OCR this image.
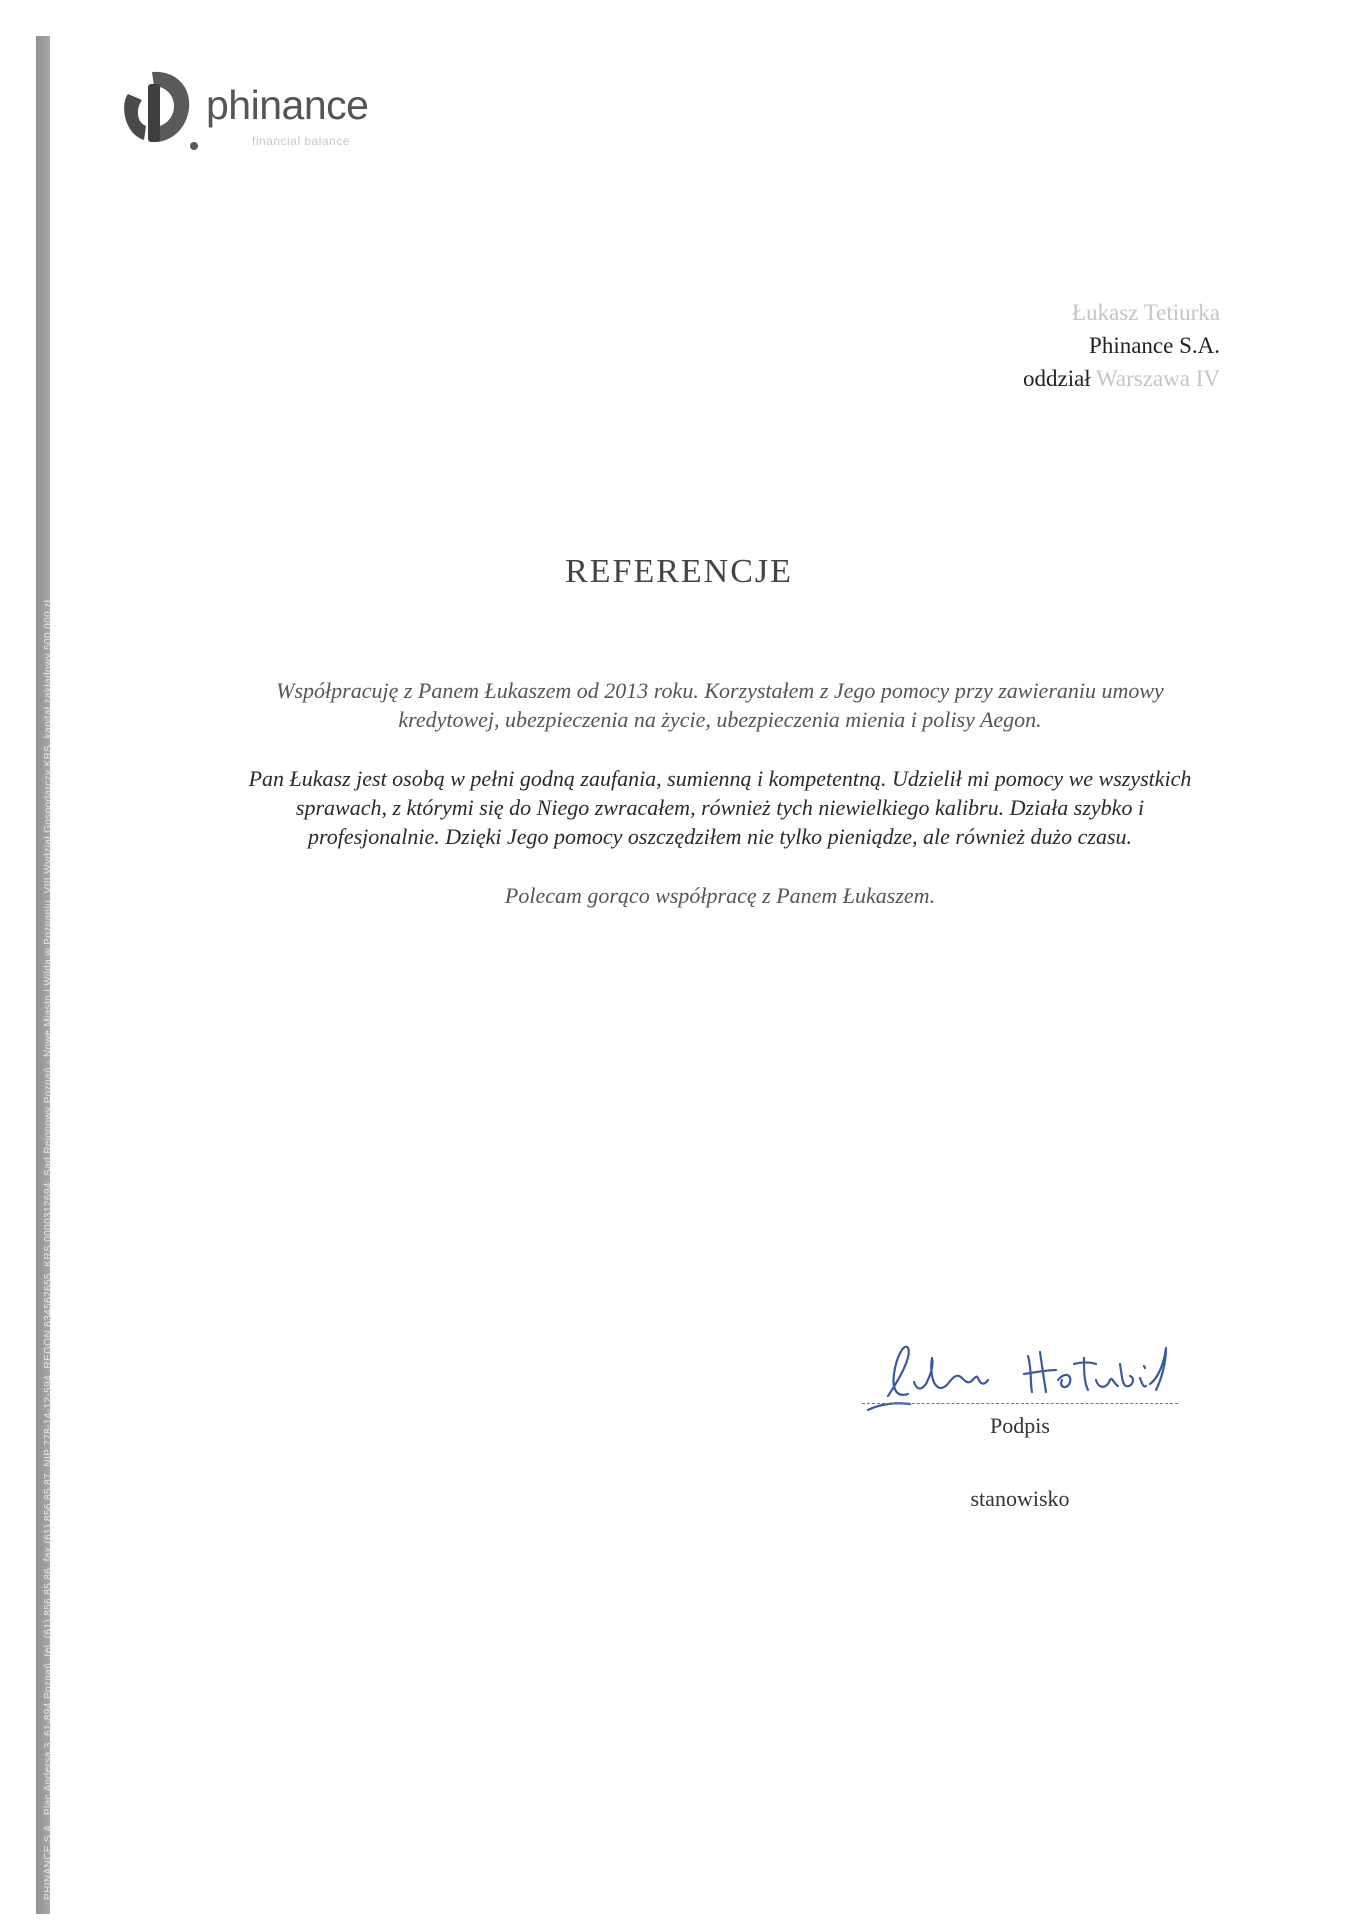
PHINANCE S.A., Plac Andersa 3, 61-894 Poznań, tel. (61) 856 85 86, fax (61) 856 85 87, NIP 778-14-12-594, REGON 634562655, KRS 0000312694, Sąd Rejonowy Poznań - Nowe Miasto i Wilda w Poznaniu, VIII Wydział Gospodarczy KRS, kapitał zakładowy 500 000 zł
phinance
financial balance
Łukasz Tetiurka
Phinance S.A.
oddział Warszawa IV
REFERENCJE

Współpracuję z Panem Łukaszem od 2013 roku. Korzystałem z Jego pomocy przy zawieraniu umowy kredytowej, ubezpieczenia na życie, ubezpieczenia mienia i polisy Aegon.

Pan Łukasz jest osobą w pełni godną zaufania, sumienną i kompetentną. Udzielił mi pomocy we wszystkich sprawach, z którymi się do Niego zwracałem, również tych niewielkiego kalibru. Działa szybko i profesjonalnie. Dzięki Jego pomocy oszczędziłem nie tylko pieniądze, ale również dużo czasu.

Polecam gorąco współpracę z Panem Łukaszem.

Podpis
stanowisko
